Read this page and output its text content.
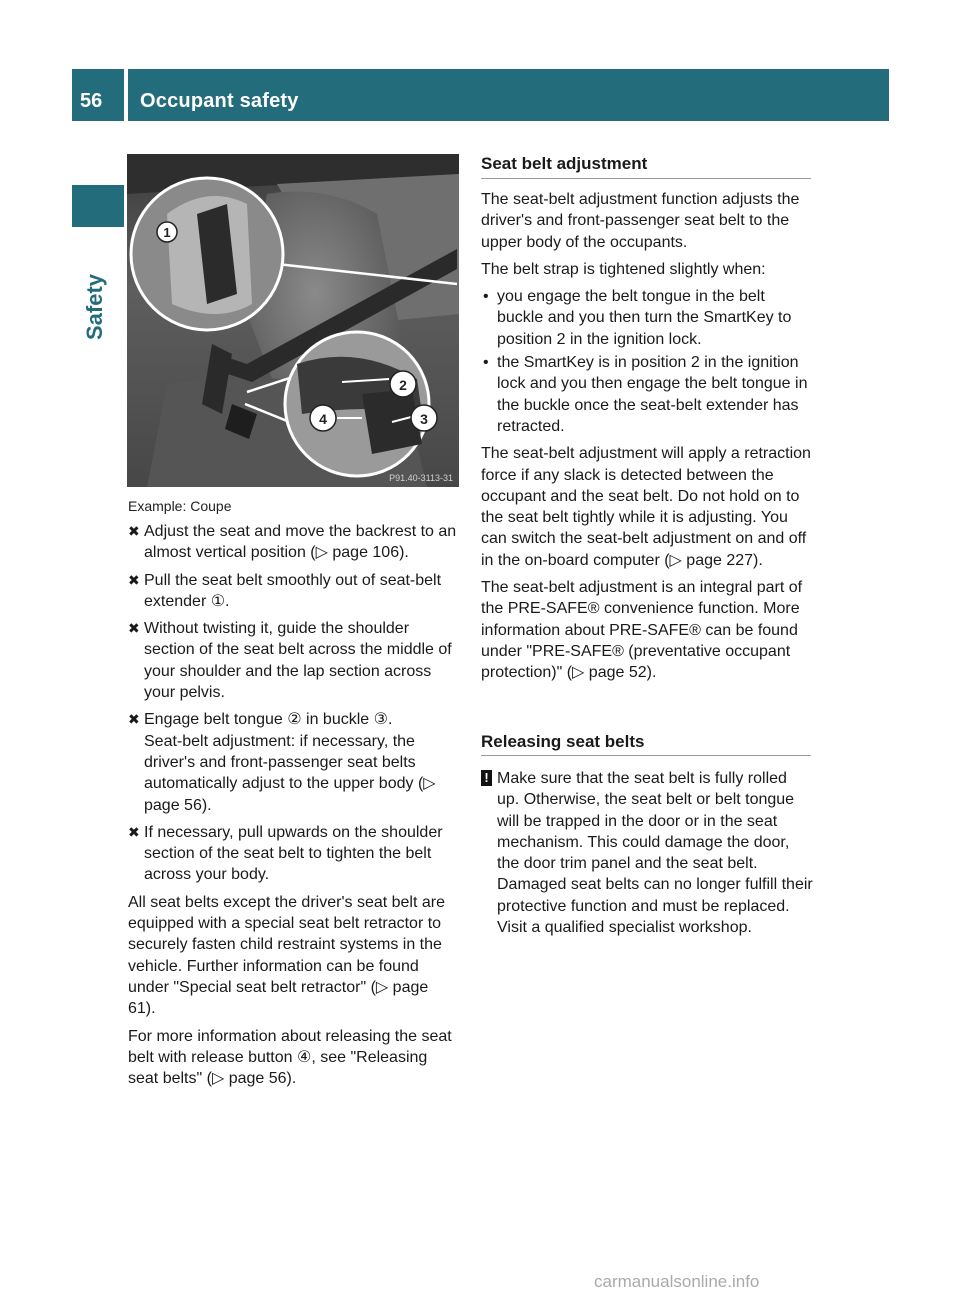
56 Occupant safety
Safety
1
2
3
4
P91.40-3113-31
Example: Coupe
✖ Adjust the seat and move the backrest to an almost vertical position (▷ page 106).
✖ Pull the seat belt smoothly out of seat-belt extender ①.
✖ Without twisting it, guide the shoulder section of the seat belt across the middle of your shoulder and the lap section across your pelvis.
✖ Engage belt tongue ② in buckle ③.
Seat-belt adjustment: if necessary, the driver's and front-passenger seat belts automatically adjust to the upper body (▷ page 56).
✖ If necessary, pull upwards on the shoulder section of the seat belt to tighten the belt across your body.

All seat belts except the driver's seat belt are equipped with a special seat belt retractor to securely fasten child restraint systems in the vehicle. Further information can be found under "Special seat belt retractor" (▷ page 61).

For more information about releasing the seat belt with release button ④, see "Releasing seat belts" (▷ page 56).

Seat belt adjustment

The seat-belt adjustment function adjusts the driver's and front-passenger seat belt to the upper body of the occupants.

The belt strap is tightened slightly when:

• you engage the belt tongue in the belt buckle and you then turn the SmartKey to position 2 in the ignition lock.
• the SmartKey is in position 2 in the ignition lock and you then engage the belt tongue in the buckle once the seat-belt extender has retracted.

The seat-belt adjustment will apply a retraction force if any slack is detected between the occupant and the seat belt. Do not hold on to the seat belt tightly while it is adjusting. You can switch the seat-belt adjustment on and off in the on-board computer (▷ page 227).

The seat-belt adjustment is an integral part of the PRE-SAFE® convenience function. More information about PRE-SAFE® can be found under "PRE-SAFE® (preventative occupant protection)" (▷ page 52).

Releasing seat belts
! Make sure that the seat belt is fully rolled up. Otherwise, the seat belt or belt tongue will be trapped in the door or in the seat mechanism. This could damage the door, the door trim panel and the seat belt. Damaged seat belts can no longer fulfill their protective function and must be replaced. Visit a qualified specialist workshop.
carmanualsonline.info
